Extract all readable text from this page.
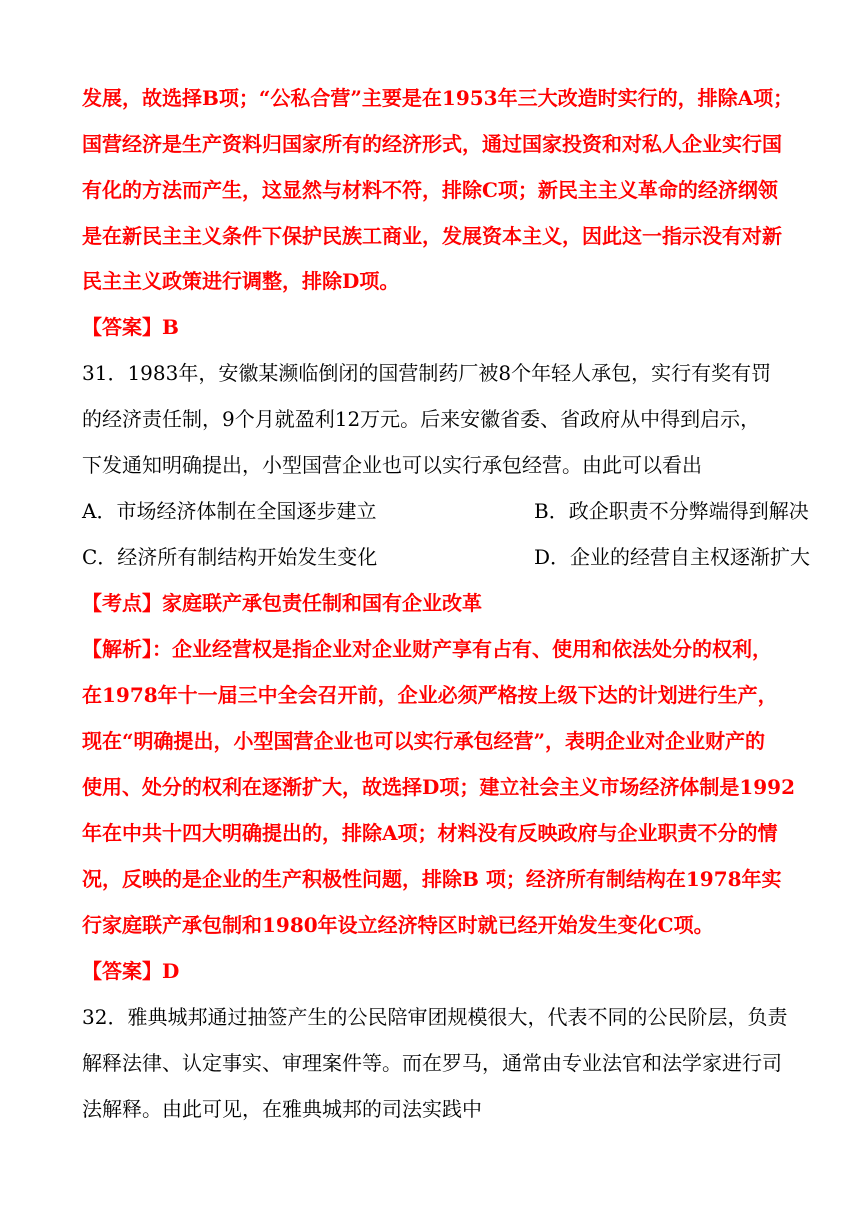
发展，故选择B项；“公私合营”主要是在1953年三大改造时实行的，排除A项；
国营经济是生产资料归国家所有的经济形式，通过国家投资和对私人企业实行国
有化的方法而产生，这显然与材料不符，排除C项；新民主主义革命的经济纲领
是在新民主主义条件下保护民族工商业，发展资本主义，因此这一指示没有对新
民主主义政策进行调整，排除D项。
【答案】B
31．1983年，安徽某濒临倒闭的国营制药厂被8个年轻人承包，实行有奖有罚
的经济责任制，9个月就盈利12万元。后来安徽省委、省政府从中得到启示，
下发通知明确提出，小型国营企业也可以实行承包经营。由此可以看出
A．市场经济体制在全国逐步建立	B．政企职责不分弊端得到解决
C．经济所有制结构开始发生变化	D．企业的经营自主权逐渐扩大
【考点】家庭联产承包责任制和国有企业改革
【解析】：企业经营权是指企业对企业财产享有占有、使用和依法处分的权利，
在1978年十一届三中全会召开前，企业必须严格按上级下达的计划进行生产，
现在“明确提出，小型国营企业也可以实行承包经营”，表明企业对企业财产的
使用、处分的权利在逐渐扩大，故选择D项；建立社会主义市场经济体制是1992
年在中共十四大明确提出的，排除A项；材料没有反映政府与企业职责不分的情
况，反映的是企业的生产积极性问题，排除B 项；经济所有制结构在1978年实
行家庭联产承包制和1980年设立经济特区时就已经开始发生变化C项。
【答案】D
32．雅典城邦通过抽签产生的公民陪审团规模很大，代表不同的公民阶层，负责
解释法律、认定事实、审理案件等。而在罗马，通常由专业法官和法学家进行司
法解释。由此可见，在雅典城邦的司法实践中
